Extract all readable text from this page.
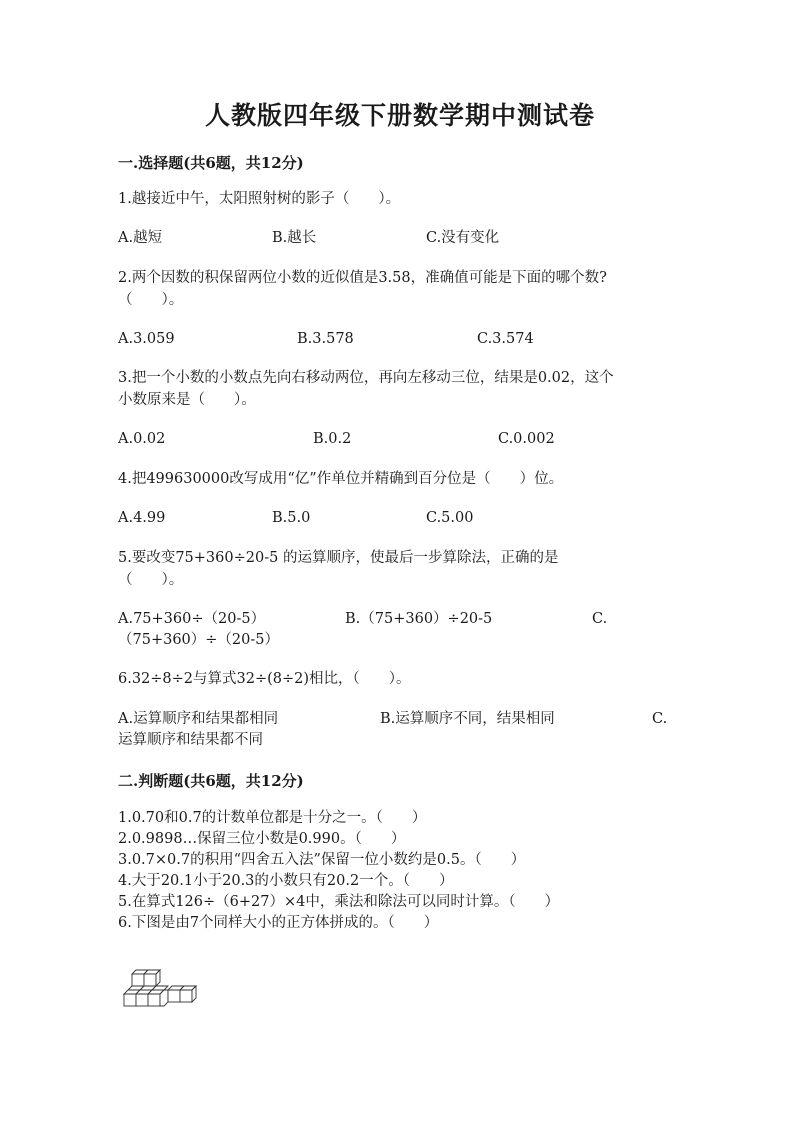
人教版四年级下册数学期中测试卷
一.选择题(共6题，共12分)
1.越接近中午，太阳照射树的影子（　　）。
A.越短	B.越长	C.没有变化
2.两个因数的积保留两位小数的近似值是3.58，准确值可能是下面的哪个数?
（　　）。
A.3.059	B.3.578	C.3.574
3.把一个小数的小数点先向右移动两位，再向左移动三位，结果是0.02，这个
小数原来是（　　）。
A.0.02	B.0.2	C.0.002
4.把499630000改写成用“亿”作单位并精确到百分位是（　　）位。
A.4.99	B.5.0	C.5.00
5.要改变75+360÷20-5 的运算顺序，使最后一步算除法，正确的是
（　　）。
A.75+360÷（20-5）	B.（75+360）÷20-5	C.
（75+360）÷（20-5）
6.32÷8÷2与算式32÷(8÷2)相比，（　　）。
A.运算顺序和结果都相同	B.运算顺序不同，结果相同	C.
运算顺序和结果都不同
二.判断题(共6题，共12分)
1.0.70和0.7的计数单位都是十分之一。（　　）
2.0.9898…保留三位小数是0.990。（　　）
3.0.7×0.7的积用“四舍五入法”保留一位小数约是0.5。（　　）
4.大于20.1小于20.3的小数只有20.2一个。（　　）
5.在算式126÷（6+27）×4中，乘法和除法可以同时计算。（　　）
6.下图是由7个同样大小的正方体拼成的。（　　）
